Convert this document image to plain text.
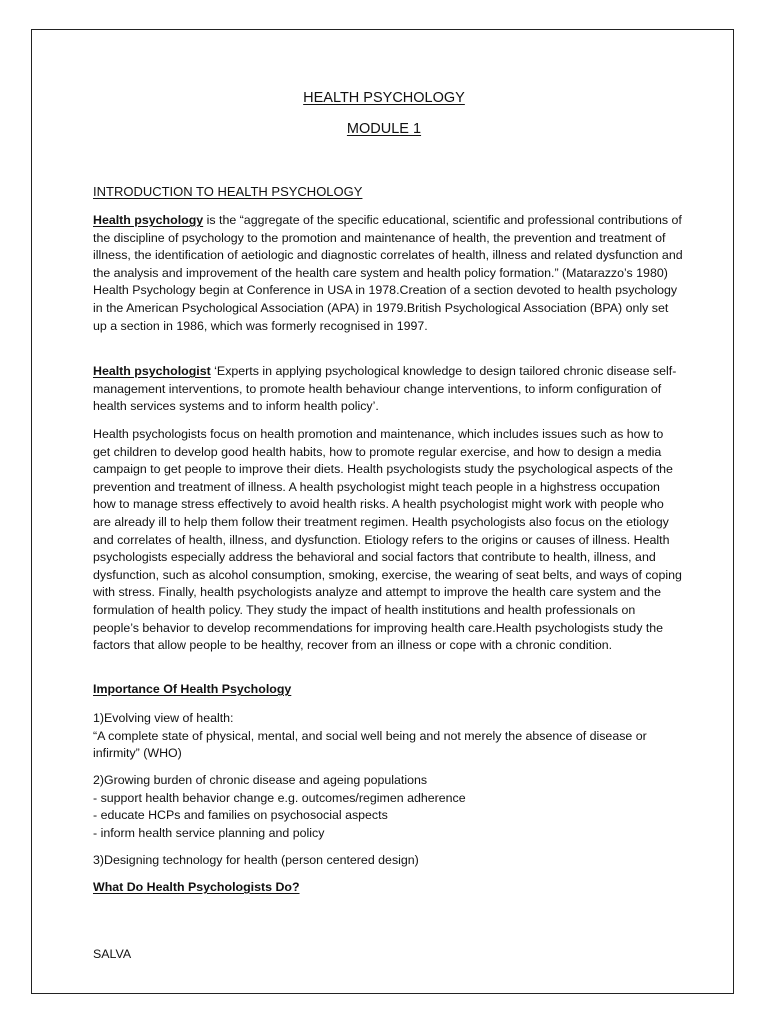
HEALTH PSYCHOLOGY
MODULE 1
INTRODUCTION TO HEALTH PSYCHOLOGY

Health psychology is the “aggregate of the specific educational, scientific and professional contributions of the discipline of psychology to the promotion and maintenance of health, the prevention and treatment of illness, the identification of aetiologic and diagnostic correlates of health, illness and related dysfunction and the analysis and improvement of the health care system and health policy formation.” (Matarazzo’s 1980) Health Psychology begin at Conference in USA in 1978.Creation of a section devoted to health psychology in the American Psychological Association (APA) in 1979.British Psychological Association (BPA) only set up a section in 1986, which was formerly recognised in 1997.

Health psychologist ‘Experts in applying psychological knowledge to design tailored chronic disease self-management interventions, to promote health behaviour change interventions, to inform configuration of health services systems and to inform health policy’.

Health psychologists focus on health promotion and maintenance, which includes issues such as how to get children to develop good health habits, how to promote regular exercise, and how to design a media campaign to get people to improve their diets. Health psychologists study the psychological aspects of the prevention and treatment of illness. A health psychologist might teach people in a highstress occupation how to manage stress effectively to avoid health risks. A health psychologist might work with people who are already ill to help them follow their treatment regimen. Health psychologists also focus on the etiology and correlates of health, illness, and dysfunction. Etiology refers to the origins or causes of illness. Health psychologists especially address the behavioral and social factors that contribute to health, illness, and dysfunction, such as alcohol consumption, smoking, exercise, the wearing of seat belts, and ways of coping with stress. Finally, health psychologists analyze and attempt to improve the health care system and the formulation of health policy. They study the impact of health institutions and health professionals on people’s behavior to develop recommendations for improving health care.Health psychologists study the factors that allow people to be healthy, recover from an illness or cope with a chronic condition.

Importance Of Health Psychology
1)Evolving view of health:
“A complete state of physical, mental, and social well being and not merely the absence of disease or infirmity” (WHO)
2)Growing burden of chronic disease and ageing populations
- support health behavior change e.g. outcomes/regimen adherence
- educate HCPs and families on psychosocial aspects
- inform health service planning and policy
3)Designing technology for health (person centered design)
What Do Health Psychologists Do?
SALVA
